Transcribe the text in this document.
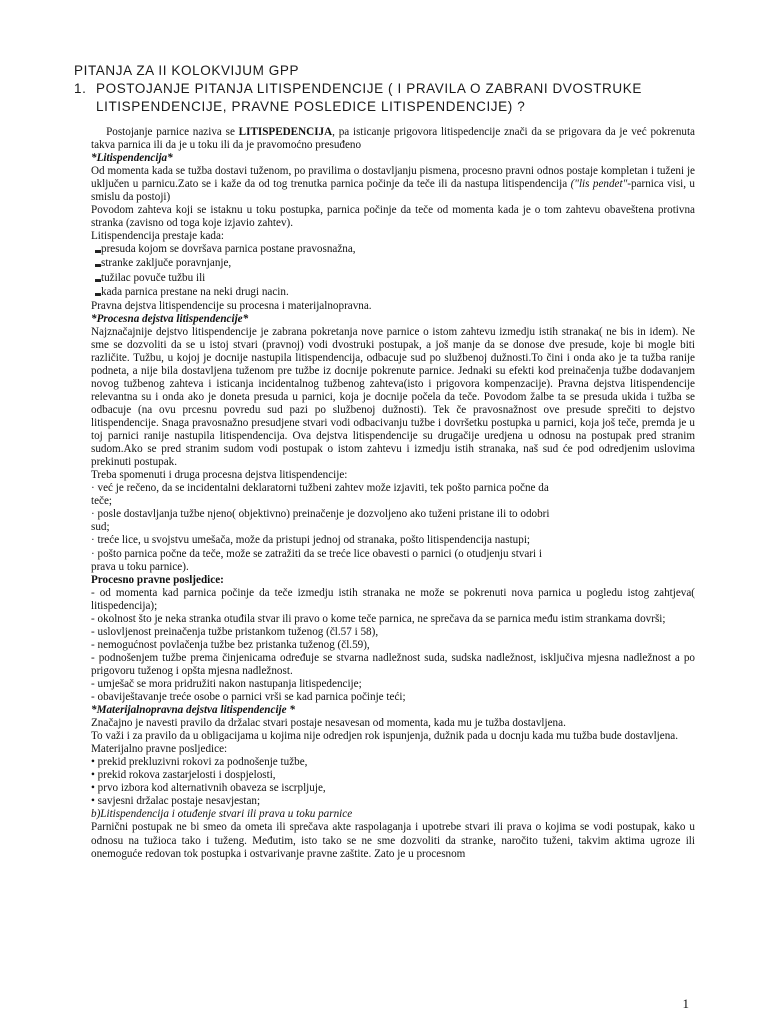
PITANJA ZA II KOLOKVIJUM GPP
1. POSTOJANJE PITANJA LITISPENDENCIJE ( I PRAVILA O ZABRANI DVOSTRUKE
LITISPENDENCIJE, PRAVNE POSLEDICE LITISPENDENCIJE) ?

Postojanje parnice naziva se LITISPEDENCIJA, pa isticanje prigovora litispedencije znači da se prigovara da je već pokrenuta takva parnica ili da je u toku ili da je pravomoćno presuđeno

*Litispendencija*

Od momenta kada se tužba dostavi tuženom, po pravilima o dostavljanju pismena, procesno pravni odnos postaje kompletan i tuženi je uključen u parnicu.Zato se i kaže da od tog trenutka parnica počinje da teče ili da nastupa litispendencija ("lis pendet"-parnica visi, u smislu da postoji)

Povodom zahteva koji se istaknu u toku postupka, parnica počinje da teče od momenta kada je o tom zahtevu obaveštena protivna stranka (zavisno od toga koje izjavio zahtev).

Litispendencija prestaje kada:

presuda kojom se dovršava parnica postane pravosnažna,
stranke zaključe poravnjanje,
tužilac povuče tužbu ili
kada parnica prestane na neki drugi nacin.

Pravna dejstva litispendencije su procesna i materijalnopravna.

*Procesna dejstva litispendencije*

Najznačajnije dejstvo litispendencije je zabrana pokretanja nove parnice o istom zahtevu izmedju istih stranaka( ne bis in idem). Ne sme se dozvoliti da se u istoj stvari (pravnoj) vodi dvostruki postupak, a još manje da se donose dve presude, koje bi mogle biti različite. Tužbu, u kojoj je docnije nastupila litispendencija, odbacuje sud po službenoj dužnosti.To čini i onda ako je ta tužba ranije podneta, a nije bila dostavljena tuženom pre tužbe iz docnije pokrenute parnice. Jednaki su efekti kod preinačenja tužbe dodavanjem novog tužbenog zahteva i isticanja incidentalnog tužbenog zahteva(isto i prigovora kompenzacije). Pravna dejstva litispendencije relevantna su i onda ako je doneta presuda u parnici, koja je docnije počela da teče. Povodom žalbe ta se presuda ukida i tužba se odbacuje (na ovu prcesnu povredu sud pazi po službenoj dužnosti). Tek če pravosnažnost ove presude sprečiti to dejstvo litispendencije. Snaga pravosnažno presudjene stvari vodi odbacivanju tužbe i dovršetku postupka u parnici, koja još teče, premda je u toj parnici ranije nastupila litispendencija. Ova dejstva litispendencije su drugačije uredjena u odnosu na postupak pred stranim sudom.Ako se pred stranim sudom vodi postupak o istom zahtevu i izmedju istih stranaka, naš sud će pod odredjenim uslovima prekinuti postupak.

Treba spomenuti i druga procesna dejstva litispendencije:

· već je rečeno, da se incidentalni deklaratorni tužbeni zahtev može izjaviti, tek pošto parnica počne da

teče;

· posle dostavljanja tužbe njeno( objektivno) preinačenje je dozvoljeno ako tuženi pristane ili to odobri

sud;

· treće lice, u svojstvu umešača, može da pristupi jednoj od stranaka, pošto litispendencija nastupi;

· pošto parnica počne da teče, može se zatražiti da se treće lice obavesti o parnici (o otudjenju stvari i

prava u toku parnice).

Procesno pravne posljedice:

- od momenta kad parnica počinje da teče izmedju istih stranaka ne može se pokrenuti nova parnica u pogledu istog zahtjeva( litispedencija);

- okolnost što je neka stranka otuđila stvar ili pravo o kome teče parnica, ne sprečava da se parnica među istim strankama dovrši;

- uslovljenost preinačenja tužbe pristankom tuženog (čl.57 i 58),

- nemogućnost povlačenja tužbe bez pristanka tuženog (čl.59),

- podnošenjem tužbe prema činjenicama određuje se stvarna nadležnost suda, sudska nadležnost, isključiva mjesna nadležnost a po prigovoru tuženog i opšta mjesna nadležnost.

- umješač se mora pridružiti nakon nastupanja litispedencije;

- obaviještavanje treće osobe o parnici vrši se kad parnica počinje teći;

*Materijalnopravna dejstva litispendencije *

Značajno je navesti pravilo da držalac stvari postaje nesavesan od momenta, kada mu je tužba dostavljena.

To važi i za pravilo da u obligacijama u kojima nije odredjen rok ispunjenja, dužnik pada u docnju kada mu tužba bude dostavljena.

Materijalno pravne posljedice:

• prekid prekluzivni rokovi za podnošenje tužbe,

• prekid rokova zastarjelosti i dospjelosti,

• prvo izbora kod alternativnih obaveza se iscrpljuje,

• savjesni držalac postaje nesavjestan;

b)Litispendencija i otuđenje stvari ili prava u toku parnice

Parnični postupak ne bi smeo da ometa ili sprečava akte raspolaganja i upotrebe stvari ili prava o kojima se vodi postupak, kako u odnosu na tužioca tako i tuženg. Međutim, isto tako se ne sme dozvoliti da stranke, naročito tuženi, takvim aktima ugroze ili onemoguće redovan tok postupka i ostvarivanje pravne zaštite. Zato je u procesnom

1
